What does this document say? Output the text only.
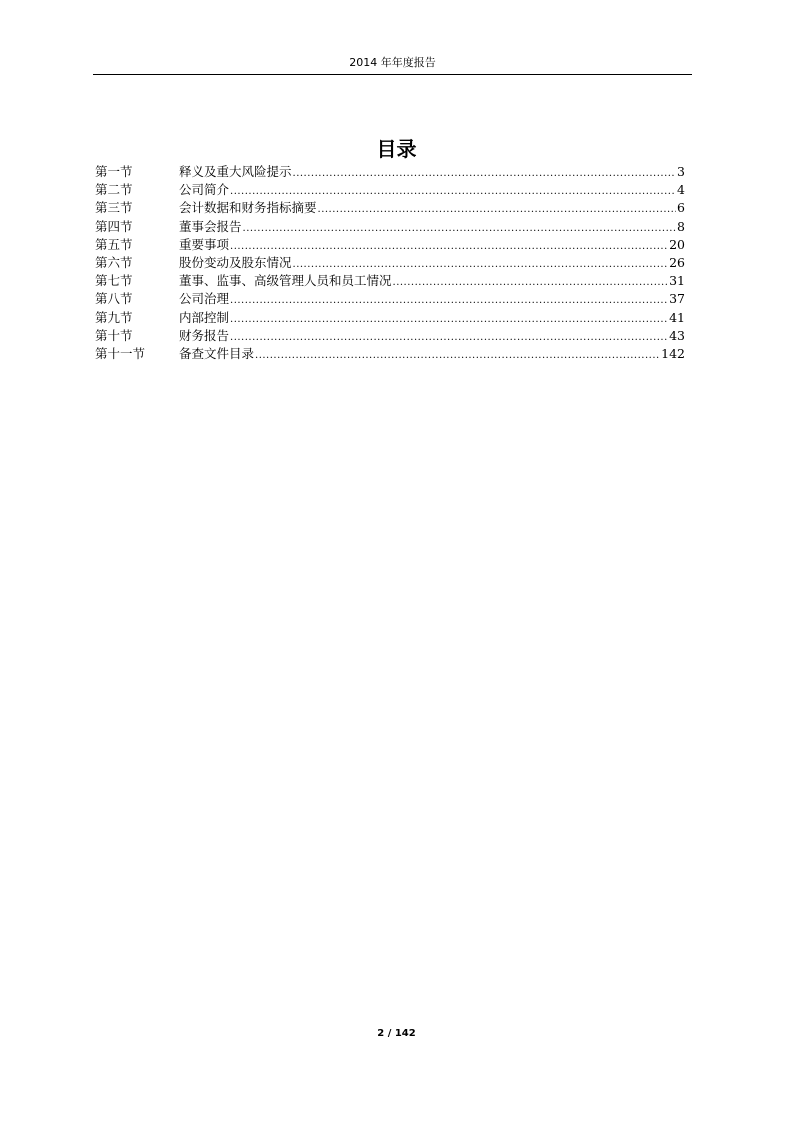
2014 年年度报告
目录
第一节	释义及重大风险提示 .....	3
第二节	公司简介 .....	4
第三节	会计数据和财务指标摘要 .....	6
第四节	董事会报告 .....	8
第五节	重要事项 .....	20
第六节	股份变动及股东情况 .....	26
第七节	董事、监事、高级管理人员和员工情况 .....	31
第八节	公司治理 .....	37
第九节	内部控制 .....	41
第十节	财务报告 .....	43
第十一节	备查文件目录 .....	142
2 / 142
